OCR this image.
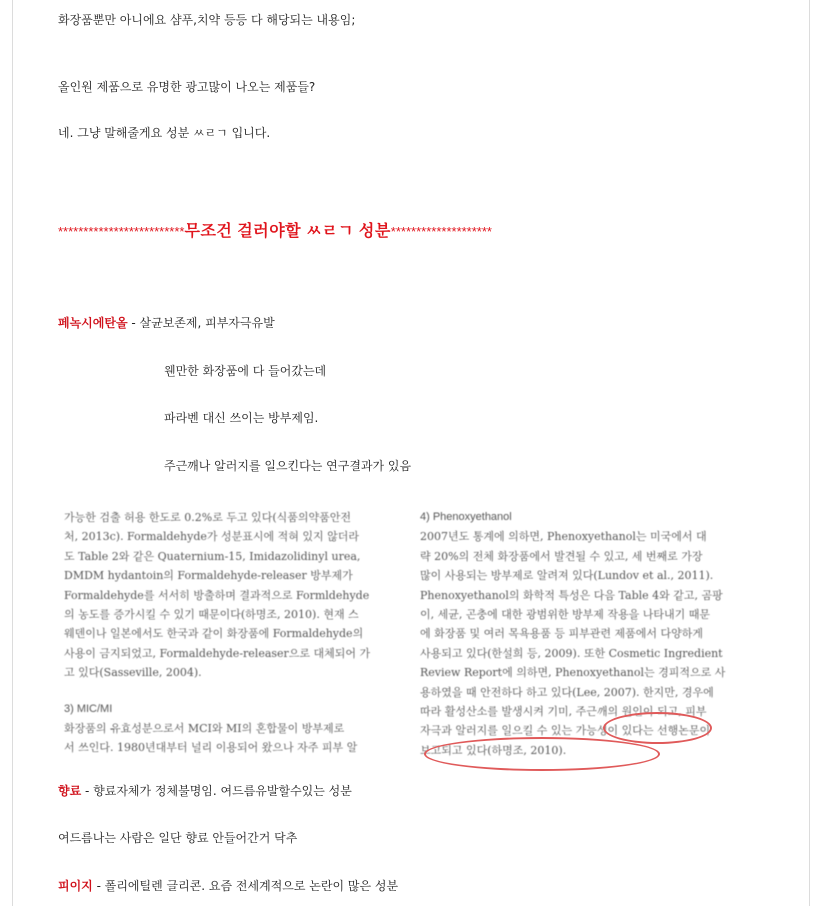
화장품뿐만 아니에요 샴푸,치약 등등 다 해당되는 내용임;
올인원 제품으로 유명한 광고많이 나오는 제품들?
네. 그냥 말해줄게요 성분 ㅆㄹㄱ 입니다.
*************************무조건 걸러야할 ㅆㄹㄱ 성분********************
페녹시에탄올 - 살균보존제, 피부자극유발
웬만한 화장품에 다 들어갔는데
파라벤 대신 쓰이는 방부제임.
주근깨나 알러지를 일으킨다는 연구결과가 있음
가능한 검출 허용 한도로 0.2%로 두고 있다(식품의약품안전
처, 2013c). Formaldehyde가 성분표시에 적혀 있지 않더라
도 Table 2와 같은 Quaternium-15, Imidazolidinyl urea,
DMDM hydantoin의 Formaldehyde-releaser 방부제가
Formaldehyde를 서서히 방출하며 결과적으로 Formldehyde
의 농도를 증가시킬 수 있기 때문이다(하명조, 2010). 현재 스
웨덴이나 일본에서도 한국과 같이 화장품에 Formaldehyde의
사용이 금지되었고, Formaldehyde-releaser으로 대체되어 가
고 있다(Sasseville, 2004).
3) MIC/MI
화장품의 유효성분으로서 MCI와 MI의 혼합물이 방부제로
서 쓰인다. 1980년대부터 널리 이용되어 왔으나 자주 피부 알
4) Phenoxyethanol
2007년도 통계에 의하면, Phenoxyethanol는 미국에서 대
략 20%의 전체 화장품에서 발견될 수 있고, 세 번째로 가장
많이 사용되는 방부제로 알려져 있다(Lundov et al., 2011).
Phenoxyethanol의 화학적 특성은 다음 Table 4와 같고, 곰팡
이, 세균, 곤충에 대한 광범위한 방부제 작용을 나타내기 때문
에 화장품 및 여러 목욕용품 등 피부관련 제품에서 다양하게
사용되고 있다(한설희 등, 2009). 또한 Cosmetic Ingredient
Review Report에 의하면, Phenoxyethanol는 경피적으로 사
용하였을 때 안전하다 하고 있다(Lee, 2007). 한지만, 경우에
따라 활성산소를 발생시켜 기미, 주근깨의 원인이 되고, 피부
자극과 알러지를 일으킬 수 있는 가능성이 있다는 선행논문이
보고되고 있다(하명조, 2010).
향료 - 향료자체가 정체불명임. 여드름유발할수있는 성분
여드름나는 사람은 일단 향료 안들어간거 닥추
피이지 - 폴리에틸렌 글리콘. 요즘 전세계적으로 논란이 많은 성분
